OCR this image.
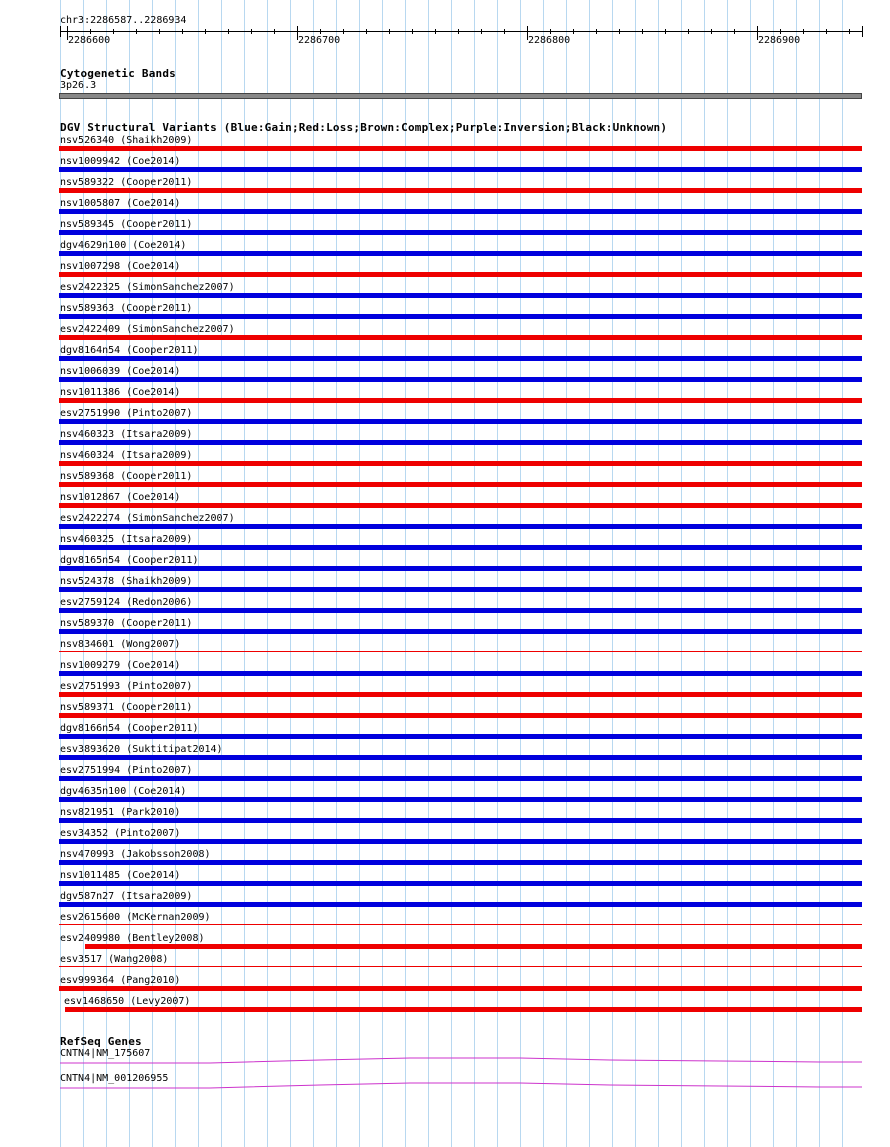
chr3:2286587..2286934
2286600	2286700	2286800	2286900
Cytogenetic Bands
3p26.3
DGV Structural Variants (Blue:Gain;Red:Loss;Brown:Complex;Purple:Inversion;Black:Unknown)
nsv526340 (Shaikh2009)
nsv1009942 (Coe2014)
nsv589322 (Cooper2011)
nsv1005807 (Coe2014)
nsv589345 (Cooper2011)
dgv4629n100 (Coe2014)
nsv1007298 (Coe2014)
esv2422325 (SimonSanchez2007)
nsv589363 (Cooper2011)
esv2422409 (SimonSanchez2007)
dgv8164n54 (Cooper2011)
nsv1006039 (Coe2014)
nsv1011386 (Coe2014)
esv2751990 (Pinto2007)
nsv460323 (Itsara2009)
nsv460324 (Itsara2009)
nsv589368 (Cooper2011)
nsv1012867 (Coe2014)
esv2422274 (SimonSanchez2007)
nsv460325 (Itsara2009)
dgv8165n54 (Cooper2011)
nsv524378 (Shaikh2009)
esv2759124 (Redon2006)
nsv589370 (Cooper2011)
nsv834601 (Wong2007)
nsv1009279 (Coe2014)
esv2751993 (Pinto2007)
nsv589371 (Cooper2011)
dgv8166n54 (Cooper2011)
esv3893620 (Suktitipat2014)
esv2751994 (Pinto2007)
dgv4635n100 (Coe2014)
nsv821951 (Park2010)
esv34352 (Pinto2007)
nsv470993 (Jakobsson2008)
nsv1011485 (Coe2014)
dgv587n27 (Itsara2009)
esv2615600 (McKernan2009)
esv2409980 (Bentley2008)
esv3517 (Wang2008)
esv999364 (Pang2010)
esv1468650 (Levy2007)
RefSeq Genes
CNTN4|NM_175607
CNTN4|NM_001206955
